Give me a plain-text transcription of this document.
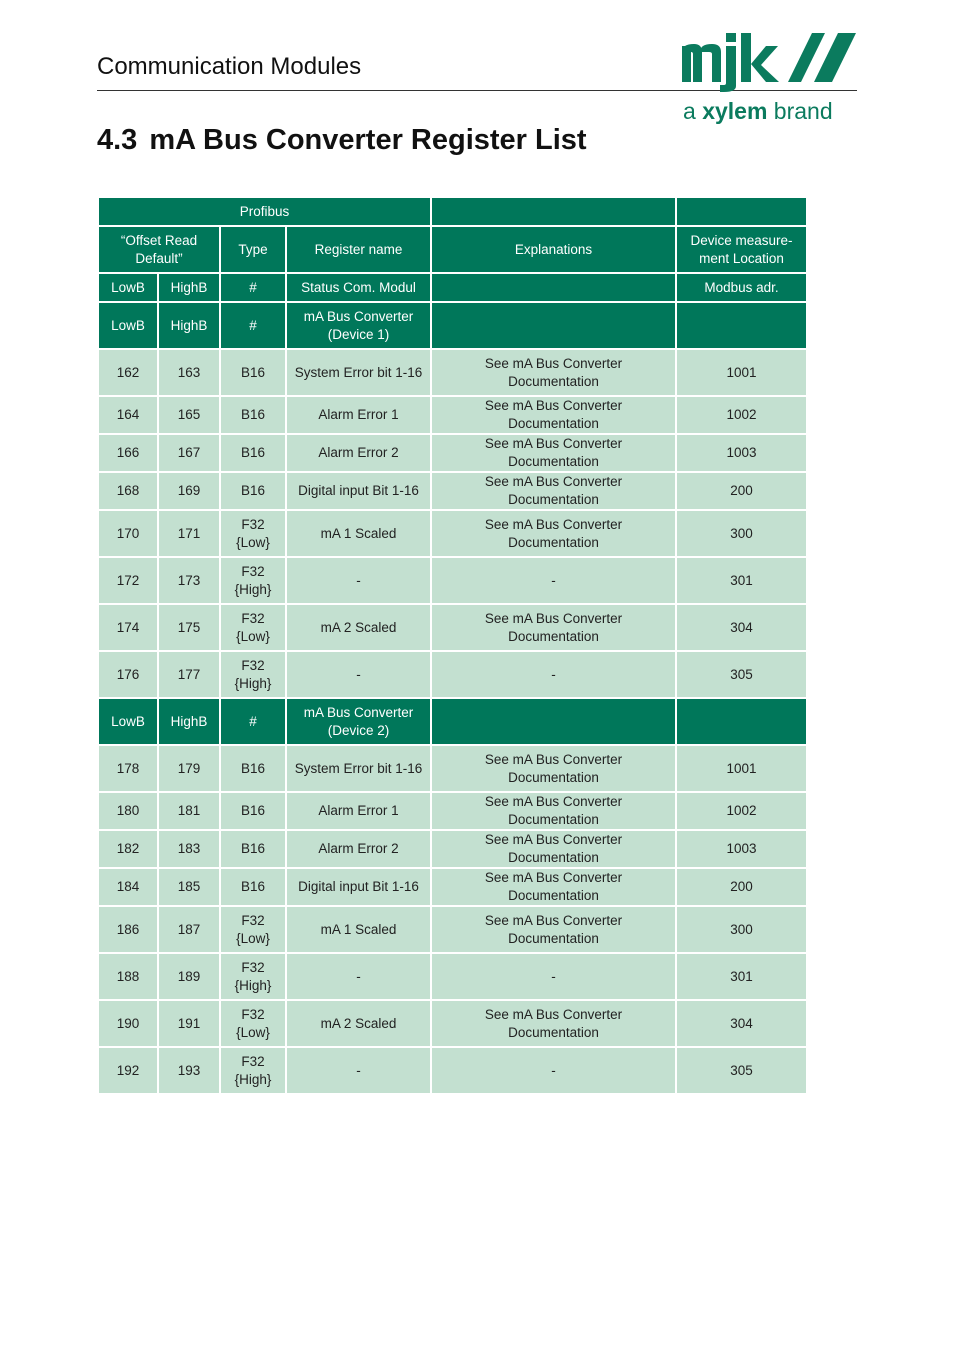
Communication Modules
a xylem brand
4.3 mA Bus Converter Register List
Profibus					
“Offset Read Default”		Type	Register name	Explanations	Device measure-ment Location
LowB	HighB	#	Status Com. Modul		Modbus adr.
LowB	HighB	#	mA Bus Converter (Device 1)		
162	163	B16	System Error bit 1-16	See mA Bus Converter Documentation	1001
164	165	B16	Alarm Error 1	See mA Bus Converter Documentation	1002
166	167	B16	Alarm Error 2	See mA Bus Converter Documentation	1003
168	169	B16	Digital input Bit 1-16	See mA Bus Converter Documentation	200
170	171	F32 {Low}	mA 1 Scaled	See mA Bus Converter Documentation	300
172	173	F32 {High}	-	-	301
174	175	F32 {Low}	mA 2 Scaled	See mA Bus Converter Documentation	304
176	177	F32 {High}	-	-	305
LowB	HighB	#	mA Bus Converter (Device 2)		
178	179	B16	System Error bit 1-16	See mA Bus Converter Documentation	1001
180	181	B16	Alarm Error 1	See mA Bus Converter Documentation	1002
182	183	B16	Alarm Error 2	See mA Bus Converter Documentation	1003
184	185	B16	Digital input Bit 1-16	See mA Bus Converter Documentation	200
186	187	F32 {Low}	mA 1 Scaled	See mA Bus Converter Documentation	300
188	189	F32 {High}	-	-	301
190	191	F32 {Low}	mA 2 Scaled	See mA Bus Converter Documentation	304
192	193	F32 {High}	-	-	305
